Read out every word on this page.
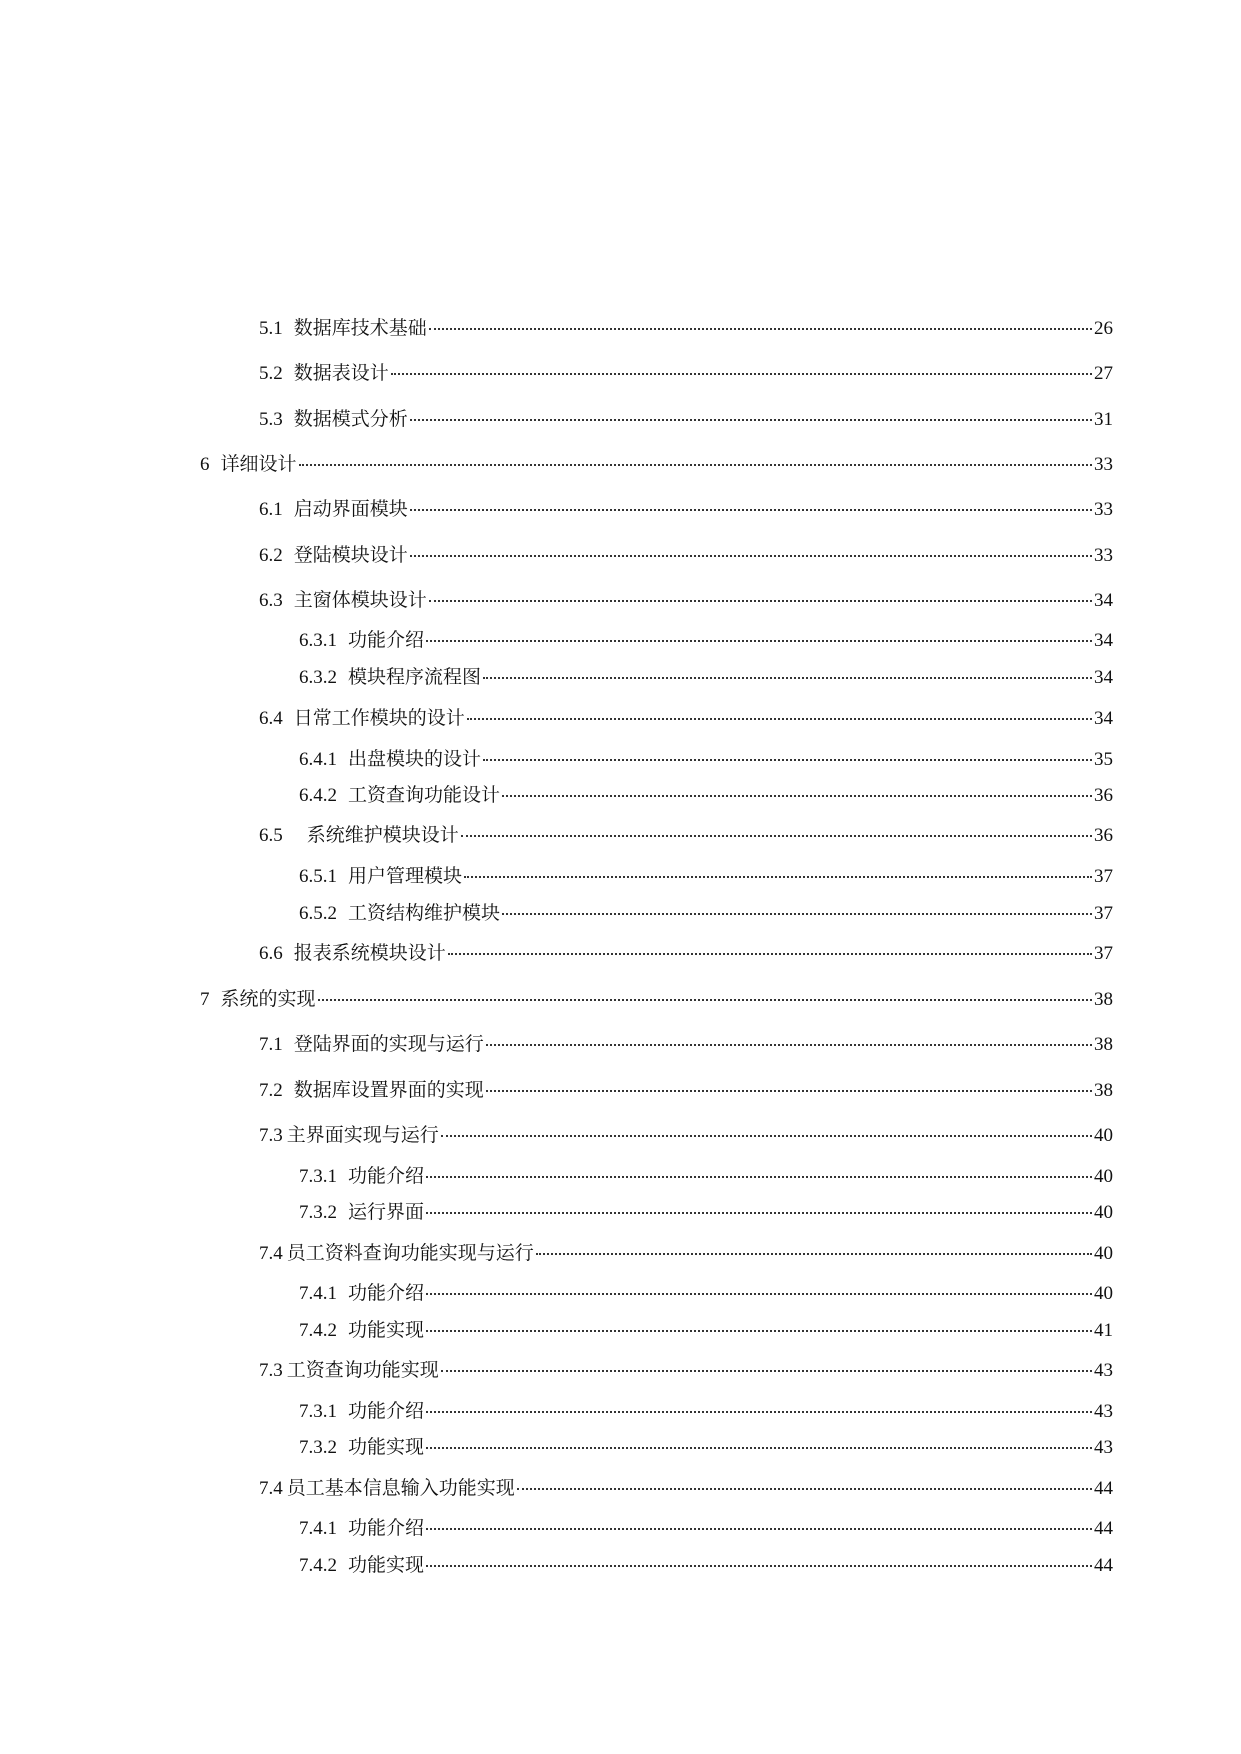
5.1 数据库技术基础	26
5.2 数据表设计	27
5.3 数据模式分析	31
6 详细设计	33
6.1 启动界面模块	33
6.2 登陆模块设计	33
6.3 主窗体模块设计	34
6.3.1 功能介绍	34
6.3.2 模块程序流程图	34
6.4 日常工作模块的设计	34
6.4.1 出盘模块的设计	35
6.4.2 工资查询功能设计	36
6.5 系统维护模块设计	36
6.5.1 用户管理模块	37
6.5.2 工资结构维护模块	37
6.6 报表系统模块设计	37
7 系统的实现	38
7.1 登陆界面的实现与运行	38
7.2 数据库设置界面的实现	38
7.3 主界面实现与运行	40
7.3.1 功能介绍	40
7.3.2 运行界面	40
7.4 员工资料查询功能实现与运行	40
7.4.1 功能介绍	40
7.4.2 功能实现	41
7.3 工资查询功能实现	43
7.3.1 功能介绍	43
7.3.2 功能实现	43
7.4 员工基本信息输入功能实现	44
7.4.1 功能介绍	44
7.4.2 功能实现	44
